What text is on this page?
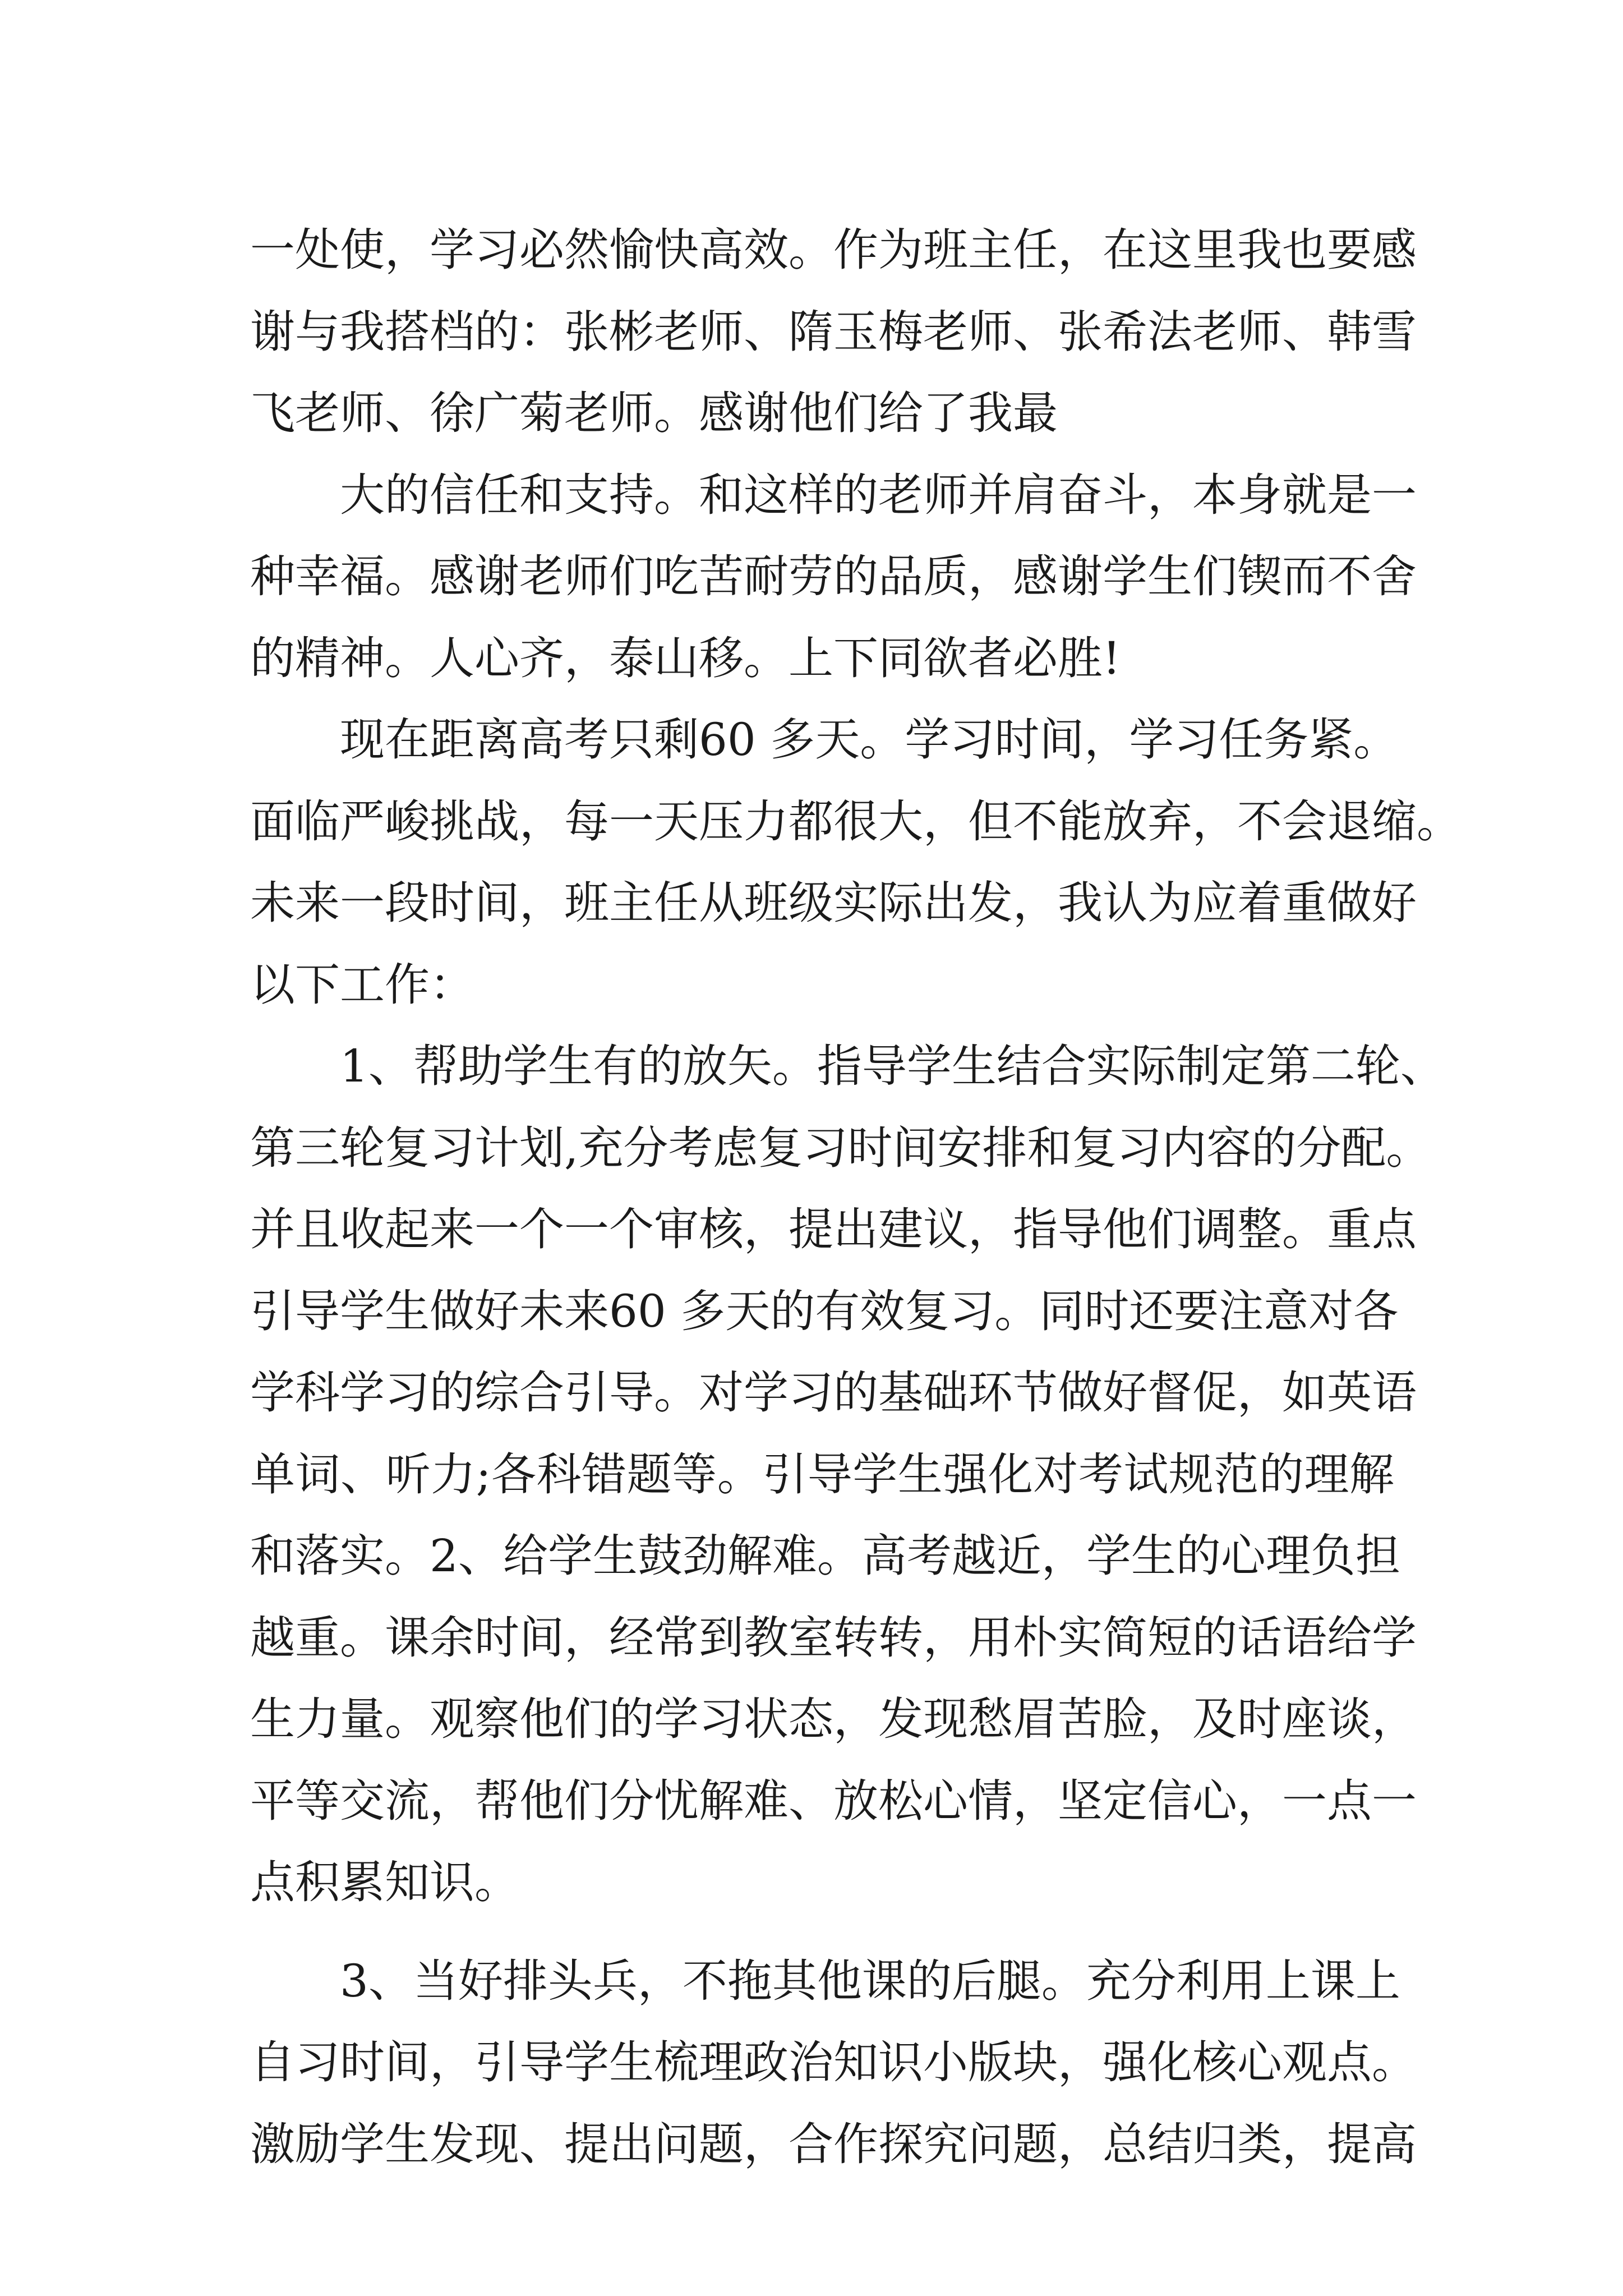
一处使，学习必然愉快高效。作为班主任，在这里我也要感
谢与我搭档的：张彬老师、隋玉梅老师、张希法老师、韩雪
飞老师、徐广菊老师。感谢他们给了我最
大的信任和支持。和这样的老师并肩奋斗，本身就是一
种幸福。感谢老师们吃苦耐劳的品质，感谢学生们锲而不舍
的精神。人心齐，泰山移。上下同欲者必胜!
现在距离高考只剩60 多天。学习时间，学习任务紧。
面临严峻挑战，每一天压力都很大，但不能放弃，不会退缩。
未来一段时间，班主任从班级实际出发，我认为应着重做好
以下工作：
1、帮助学生有的放矢。指导学生结合实际制定第二轮、
第三轮复习计划,充分考虑复习时间安排和复习内容的分配。
并且收起来一个一个审核，提出建议，指导他们调整。重点
引导学生做好未来60 多天的有效复习。同时还要注意对各
学科学习的综合引导。对学习的基础环节做好督促，如英语
单词、听力;各科错题等。引导学生强化对考试规范的理解
和落实。2、给学生鼓劲解难。高考越近，学生的心理负担
越重。课余时间，经常到教室转转，用朴实简短的话语给学
生力量。观察他们的学习状态，发现愁眉苦脸，及时座谈，
平等交流，帮他们分忧解难、放松心情，坚定信心，一点一
点积累知识。
3、当好排头兵，不拖其他课的后腿。充分利用上课上
自习时间，引导学生梳理政治知识小版块，强化核心观点。
激励学生发现、提出问题，合作探究问题，总结归类，提高
